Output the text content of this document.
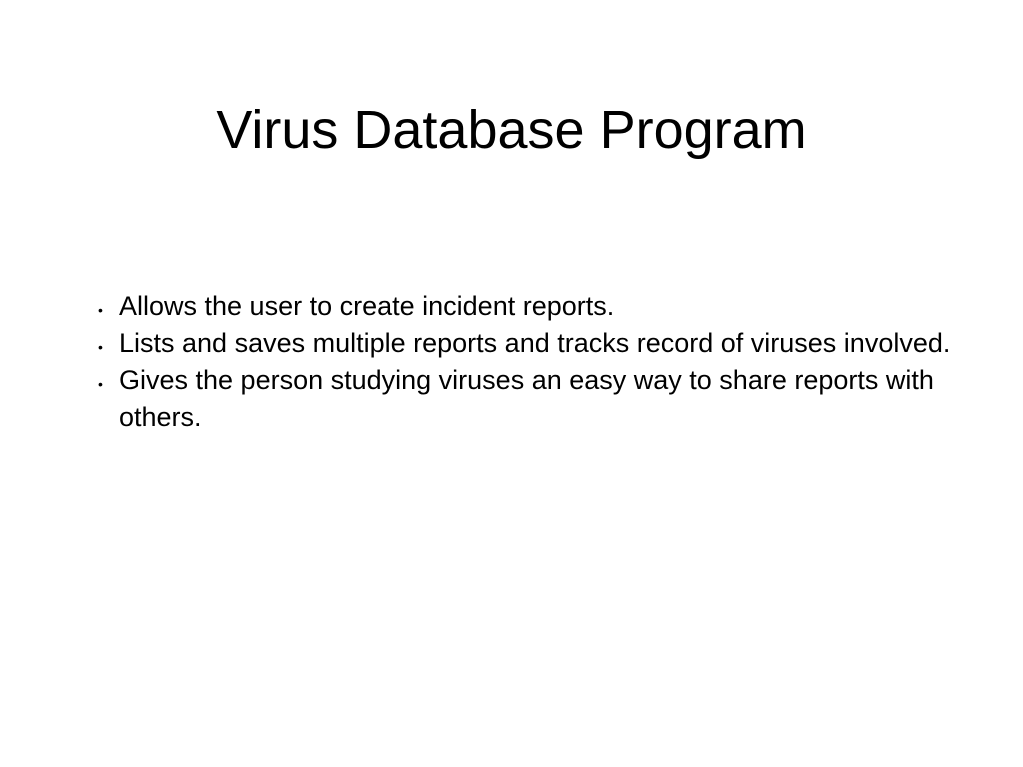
Virus Database Program
• Allows the user to create incident reports.
• Lists and saves multiple reports and tracks record of viruses involved.
• Gives the person studying viruses an easy way to share reports with others.
